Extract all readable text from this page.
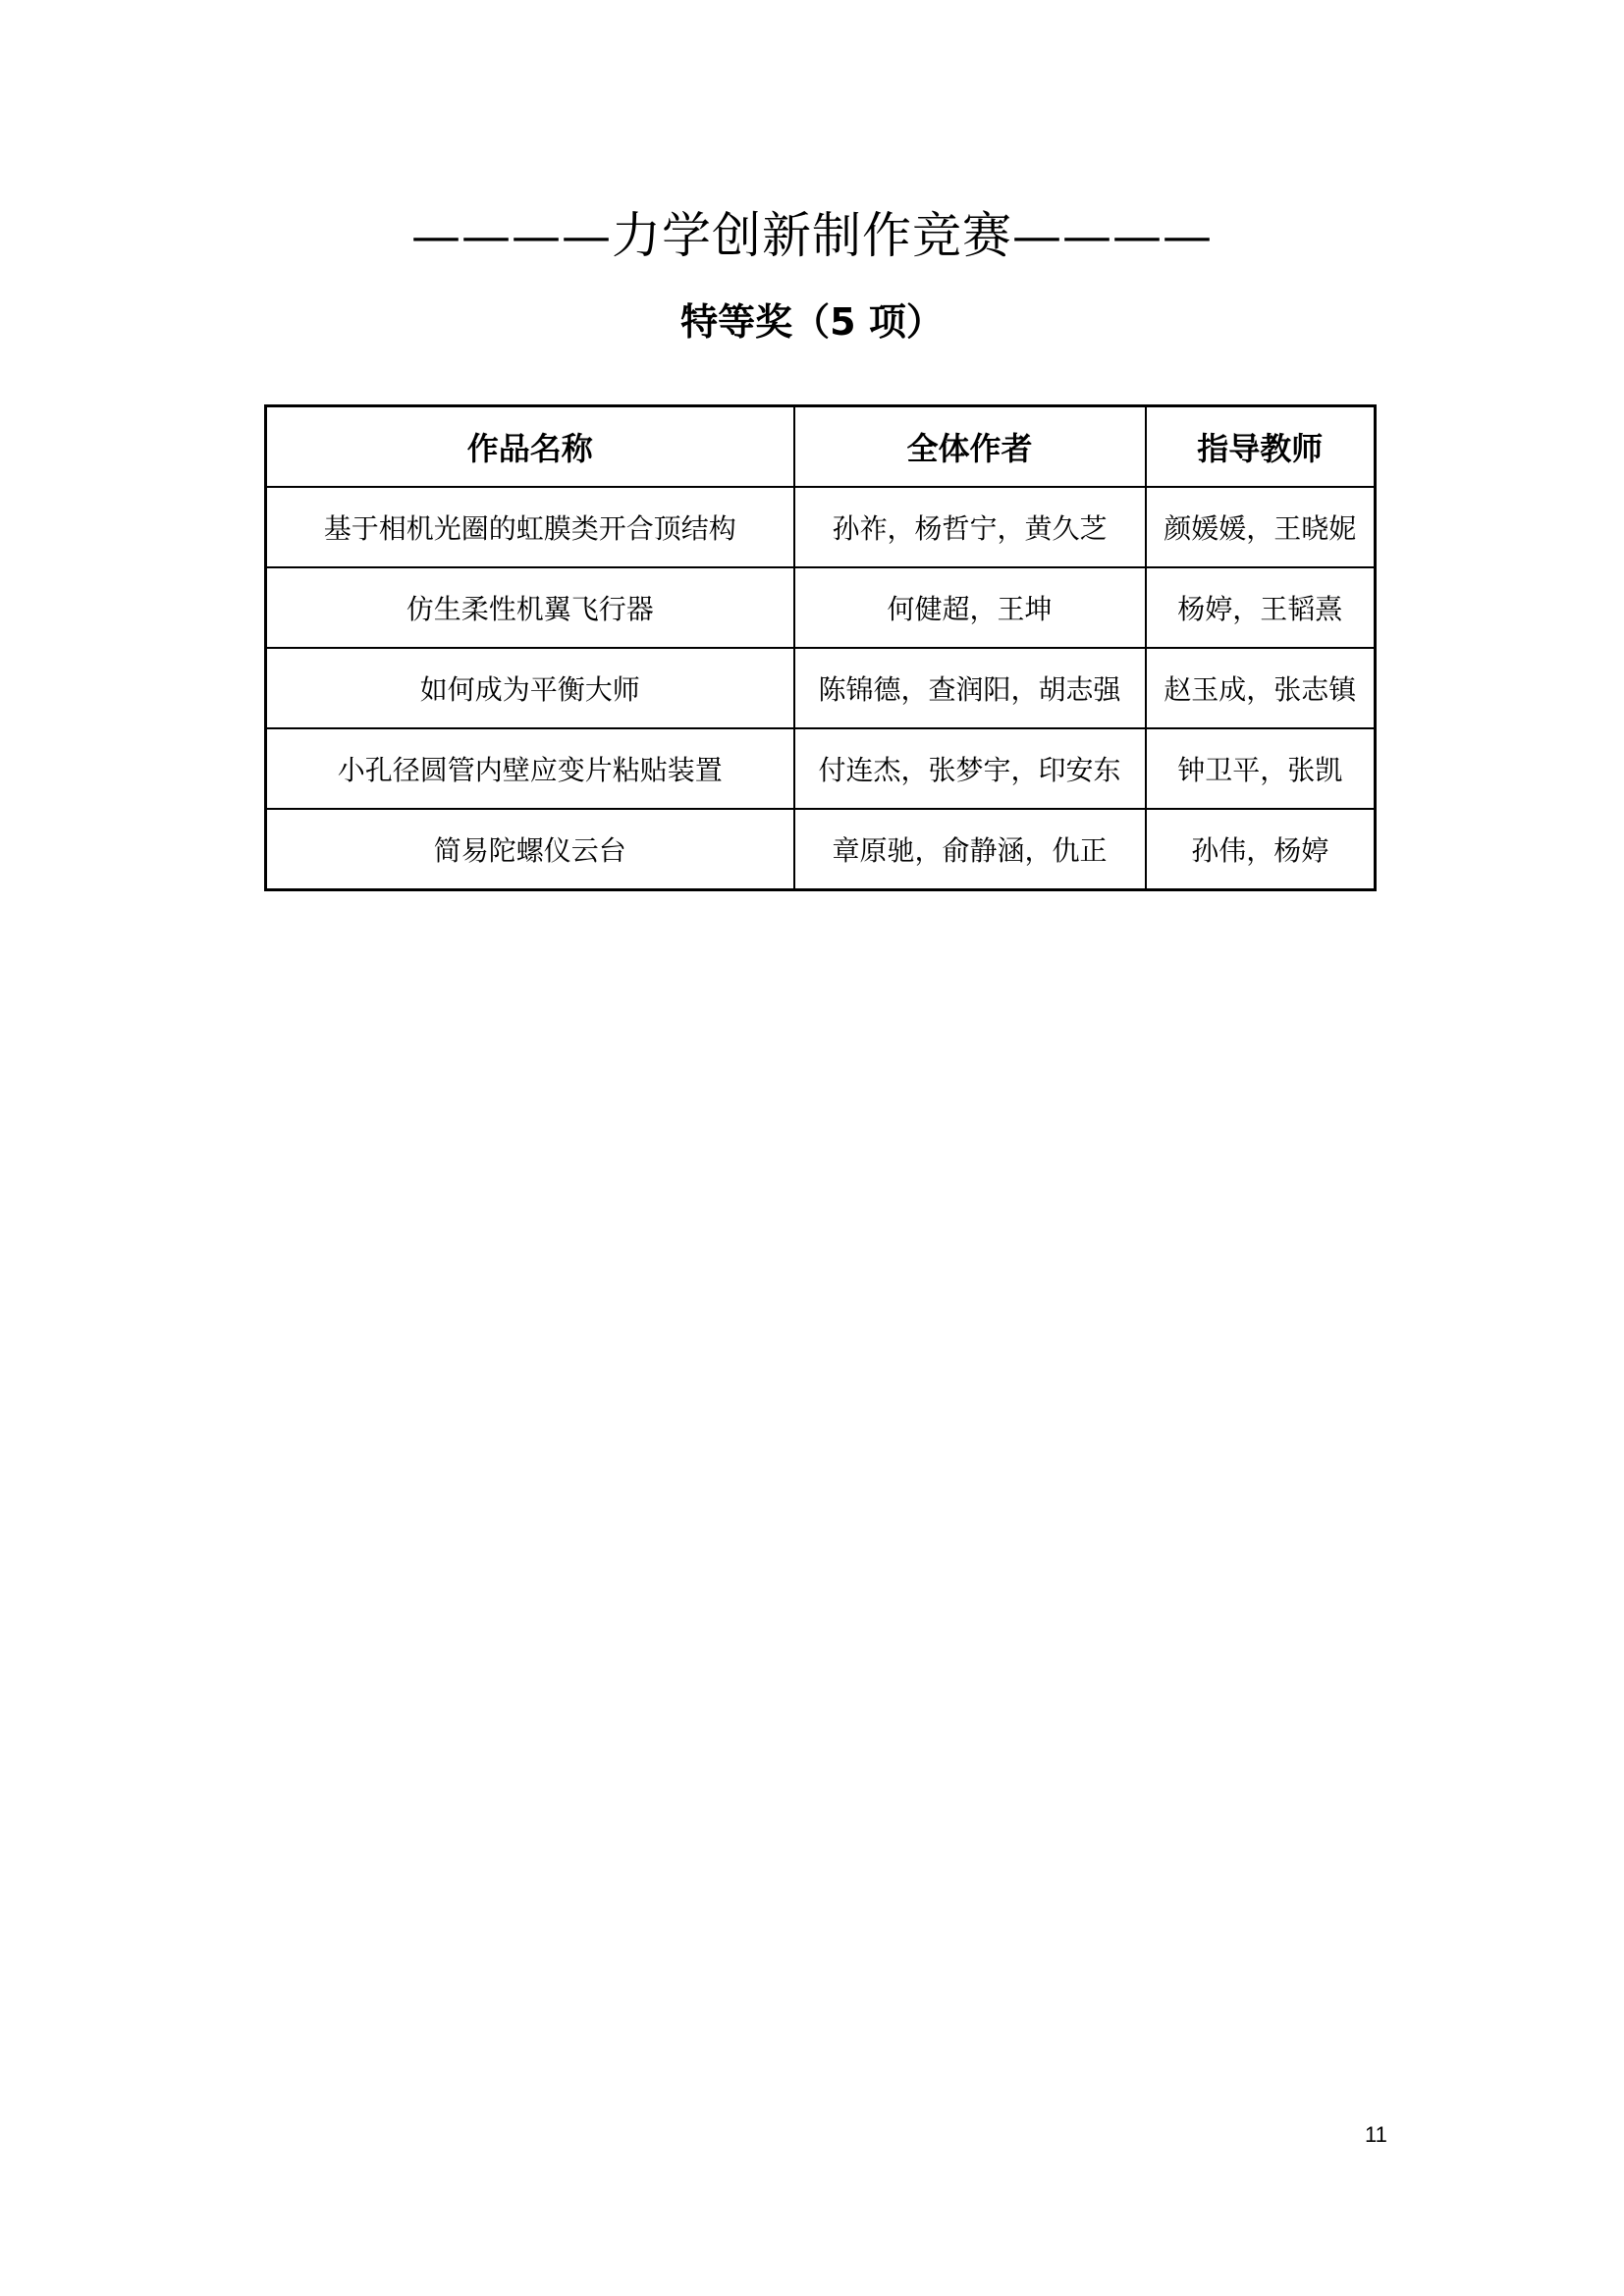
————力学创新制作竞赛————
特等奖（5 项）
作品名称	全体作者	指导教师
基于相机光圈的虹膜类开合顶结构	孙祚，杨哲宁，黄久芝	颜媛媛，王晓妮
仿生柔性机翼飞行器	何健超，王坤	杨婷，王韬熹
如何成为平衡大师	陈锦德，查润阳，胡志强	赵玉成，张志镇
小孔径圆管内壁应变片粘贴装置	付连杰，张梦宇，印安东	钟卫平，张凯
简易陀螺仪云台	章原驰，俞静涵，仇正	孙伟，杨婷
11
